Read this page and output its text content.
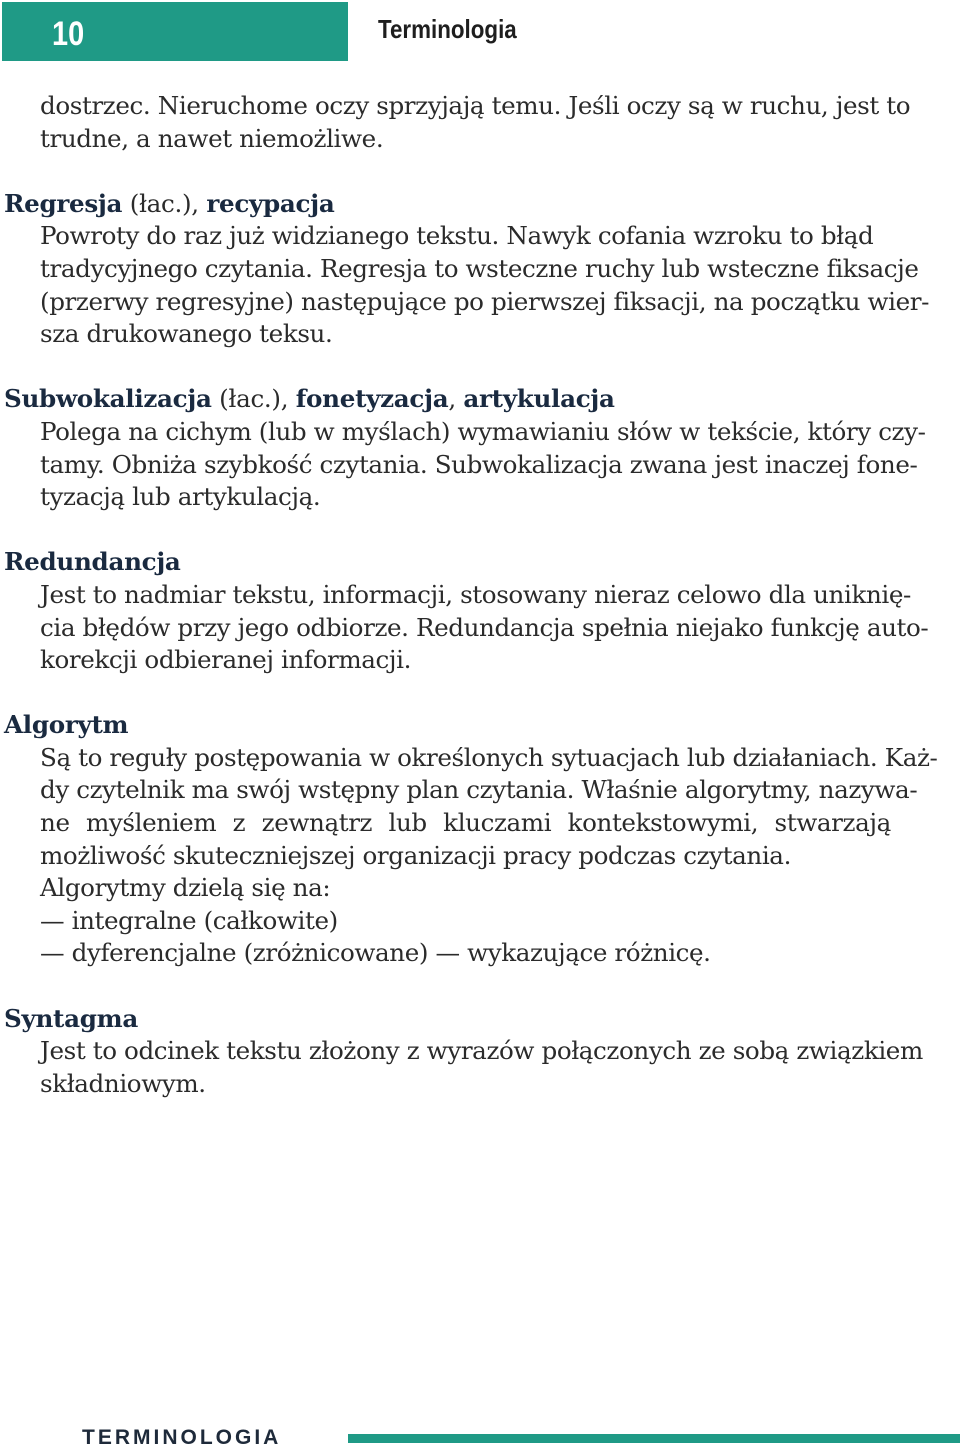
10	Terminologia
dostrzec. Nieruchome oczy sprzyjają temu. Jeśli oczy są w ruchu, jest to
trudne, a nawet niemożliwe.
Regresja (łac.), recypacja
Powroty do raz już widzianego tekstu. Nawyk cofania wzroku to błąd
tradycyjnego czytania. Regresja to wsteczne ruchy lub wsteczne fiksacje
(przerwy regresyjne) następujące po pierwszej fiksacji, na początku wier-
sza drukowanego teksu.
Subwokalizacja (łac.), fonetyzacja, artykulacja
Polega na cichym (lub w myślach) wymawianiu słów w tekście, który czy-
tamy. Obniża szybkość czytania. Subwokalizacja zwana jest inaczej fone-
tyzacją lub artykulacją.
Redundancja
Jest to nadmiar tekstu, informacji, stosowany nieraz celowo dla uniknię-
cia błędów przy jego odbiorze. Redundancja spełnia niejako funkcję auto-
korekcji odbieranej informacji.
Algorytm
Są to reguły postępowania w określonych sytuacjach lub działaniach. Każ-
dy czytelnik ma swój wstępny plan czytania. Właśnie algorytmy, nazywa-
ne myśleniem z zewnątrz lub kluczami kontekstowymi, stwarzają
możliwość skuteczniejszej organizacji pracy podczas czytania.
Algorytmy dzielą się na:
— integralne (całkowite)
— dyferencjalne (zróżnicowane) — wykazujące różnicę.
Syntagma
Jest to odcinek tekstu złożony z wyrazów połączonych ze sobą związkiem
składniowym.
TERMINOLOGIA
